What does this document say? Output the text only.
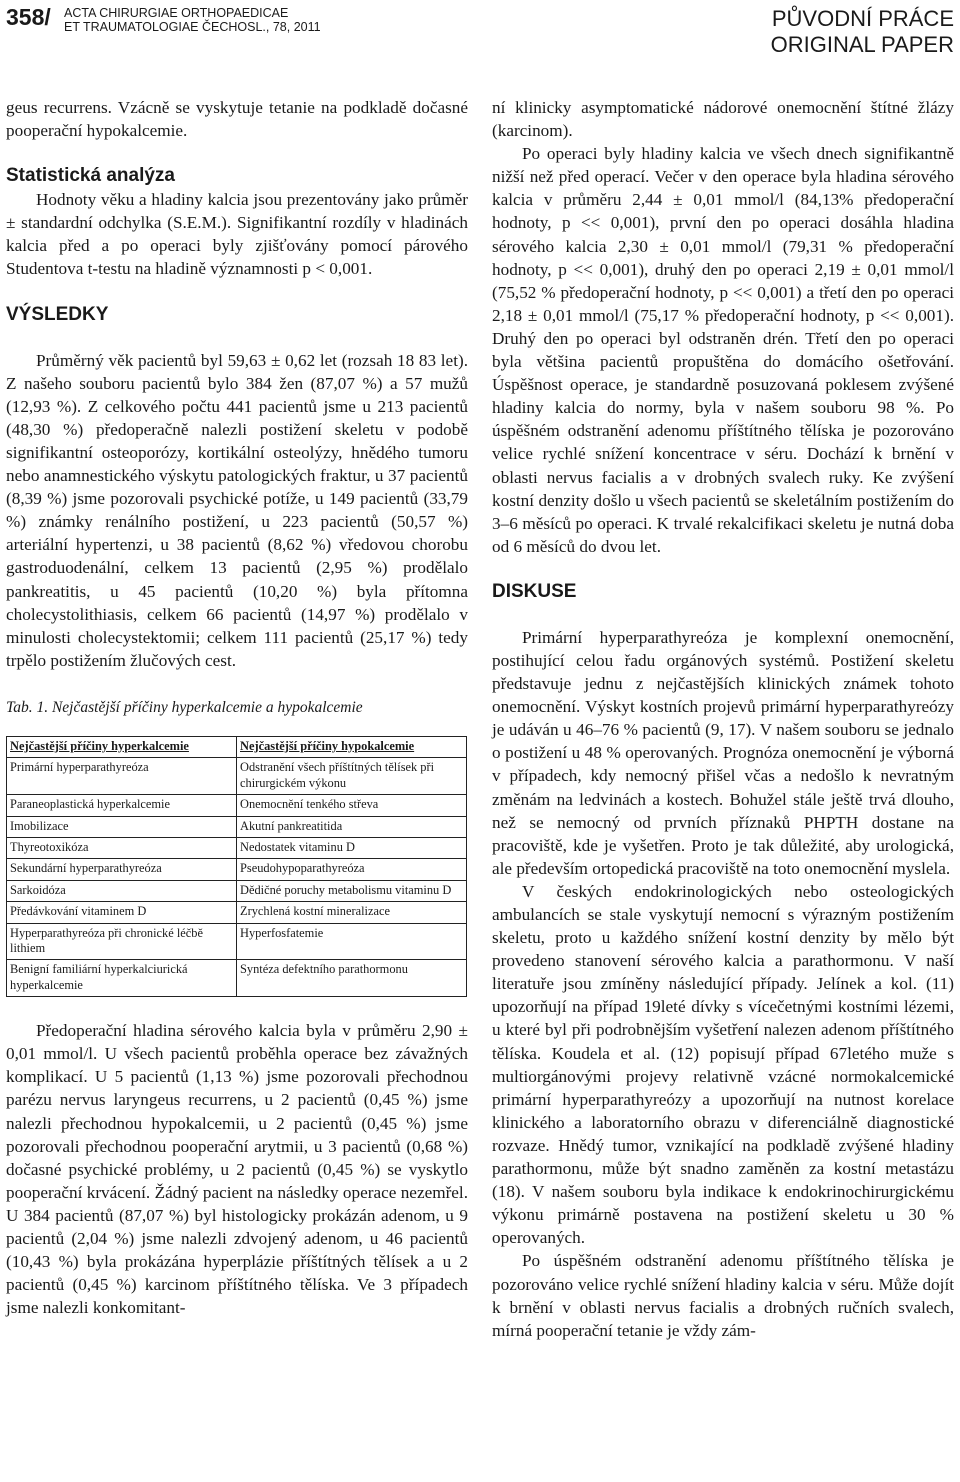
358/ ACTA CHIRURGIAE ORTHOPAEDICAE
ET TRAUMATOLOGIAE ČECHOSL., 78, 2011	PŮVODNÍ PRÁCE
ORIGINAL PAPER

geus recurrens. Vzácně se vyskytuje tetanie na podkladě dočasné pooperační hypokalcemie.

Statistická analýza

Hodnoty věku a hladiny kalcia jsou prezentovány jako průměr ± standardní odchylka (S.E.M.). Signifikantní rozdíly v hladinách kalcia před a po operaci byly zjišťovány pomocí párového Studentova t-testu na hladině významnosti p < 0,001.

VÝSLEDKY

Průměrný věk pacientů byl 59,63 ± 0,62 let (rozsah 18 83 let). Z našeho souboru pacientů bylo 384 žen (87,07 %) a 57 mužů (12,93 %). Z celkového počtu 441 pacientů jsme u 213 pacientů (48,30 %) předoperačně nalezli postižení skeletu v podobě signifikantní osteoporózy, kortikální osteolýzy, hnědého tumoru nebo anamnestického výskytu patologických fraktur, u 37 pacientů (8,39 %) jsme pozorovali psychické potíže, u 149 pacientů (33,79 %) známky renálního postižení, u 223 pacientů (50,57 %) arteriální hypertenzi, u 38 pacientů (8,62 %) vředovou chorobu gastroduodenální, celkem 13 pacientů (2,95 %) prodělalo pankreatitis, u 45 pacientů (10,20 %) byla přítomna cholecystolithiasis, celkem 66 pacientů (14,97 %) prodělalo v minulosti cholecystektomii; celkem 111 pacientů (25,17 %) tedy trpělo postižením žlučových cest.

Tab. 1. Nejčastější příčiny hyperkalcemie a hypokalcemie
Nejčastější příčiny hyperkalcemie	Nejčastější příčiny hypokalcemie
Primární hyperparathyreóza	Odstranění všech příštítných tělísek při chirurgickém výkonu
Paraneoplastická hyperkalcemie	Onemocnění tenkého střeva
Imobilizace	Akutní pankreatitida
Thyreotoxikóza	Nedostatek vitaminu D
Sekundární hyperparathyreóza	Pseudohypoparathyreóza
Sarkoidóza	Dědičné poruchy metabolismu vitaminu D
Předávkování vitaminem D	Zrychlená kostní mineralizace
Hyperparathyreóza při chronické léčbě lithiem	Hyperfosfatemie
Benigní familiární hyperkalciurická hyperkalcemie	Syntéza defektního parathormonu

Předoperační hladina sérového kalcia byla v průměru 2,90 ± 0,01 mmol/l. U všech pacientů proběhla operace bez závažných komplikací. U 5 pacientů (1,13 %) jsme pozorovali přechodnou parézu nervus laryngeus recurrens, u 2 pacientů (0,45 %) jsme nalezli přechodnou hypokalcemii, u 2 pacientů (0,45 %) jsme pozorovali přechodnou pooperační arytmii, u 3 pacientů (0,68 %) dočasné psychické problémy, u 2 pacientů (0,45 %) se vyskytlo pooperační krvácení. Žádný pacient na následky operace nezemřel. U 384 pacientů (87,07 %) byl histologicky prokázán adenom, u 9 pacientů (2,04 %) jsme nalezli zdvojený adenom, u 46 pacientů (10,43 %) byla prokázána hyperplázie příštítných tělísek a u 2 pacientů (0,45 %) karcinom příštítného tělíska. Ve 3 případech jsme nalezli konkomitant-

ní klinicky asymptomatické nádorové onemocnění štítné žlázy (karcinom).

Po operaci byly hladiny kalcia ve všech dnech signifikantně nižší než před operací. Večer v den operace byla hladina sérového kalcia v průměru 2,44 ± 0,01 mmol/l (84,13% předoperační hodnoty, p << 0,001), první den po operaci dosáhla hladina sérového kalcia 2,30 ± 0,01 mmol/l (79,31 % předoperační hodnoty, p << 0,001), druhý den po operaci 2,19 ± 0,01 mmol/l (75,52 % předoperační hodnoty, p << 0,001) a třetí den po operaci 2,18 ± 0,01 mmol/l (75,17 % předoperační hodnoty, p << 0,001). Druhý den po operaci byl odstraněn drén. Třetí den po operaci byla většina pacientů propuštěna do domácího ošetřování. Úspěšnost operace, je standardně posuzovaná poklesem zvýšené hladiny kalcia do normy, byla v našem souboru 98 %. Po úspěšném odstranění adenomu příštítného tělíska je pozorováno velice rychlé snížení koncentrace v séru. Dochází k brnění v oblasti nervus facialis a v drobných svalech ruky. Ke zvýšení kostní denzity došlo u všech pacientů se skeletálním postižením do 3–6 měsíců po operaci. K trvalé rekalcifikaci skeletu je nutná doba od 6 měsíců do dvou let.

DISKUSE

Primární hyperparathyreóza je komplexní onemocnění, postihující celou řadu orgánových systémů. Postižení skeletu představuje jednu z nejčastějších klinických známek tohoto onemocnění. Výskyt kostních projevů primární hyperparathyreózy je udáván u 46–76 % pacientů (9, 17). V našem souboru se jednalo o postižení u 48 % operovaných. Prognóza onemocnění je výborná v případech, kdy nemocný přišel včas a nedošlo k nevratným změnám na ledvinách a kostech. Bohužel stále ještě trvá dlouho, než se nemocný od prvních příznaků PHPTH dostane na pracoviště, kde je vyšetřen. Proto je tak důležité, aby urologická, ale především ortopedická pracoviště na toto onemocnění myslela.

V českých endokrinologických nebo osteologických ambulancích se stale vyskytují nemocní s výrazným postižením skeletu, proto u každého snížení kostní denzity by mělo být provedeno stanovení sérového kalcia a parathormonu. V naší literatuře jsou zmíněny následující případy. Jelínek a kol. (11) upozorňují na případ 19leté dívky s vícečetnými kostními lézemi, u které byl při podrobnějším vyšetření nalezen adenom příštítného tělíska. Koudela et al. (12) popisují případ 67letého muže s multiorgánovými projevy relativně vzácné normokalcemické primární hyperparathyreózy a upozorňují na nutnost korelace klinického a laboratorního obrazu v diferenciálně diagnostické rozvaze. Hnědý tumor, vznikající na podkladě zvýšené hladiny parathormonu, může být snadno zaměněn za kostní metastázu (18). V našem souboru byla indikace k endokrinochirurgickému výkonu primárně postavena na postižení skeletu u 30 % operovaných.

Po úspěšném odstranění adenomu příštítného tělíska je pozorováno velice rychlé snížení hladiny kalcia v séru. Může dojít k brnění v oblasti nervus facialis a drobných ručních svalech, mírná pooperační tetanie je vždy zám-
